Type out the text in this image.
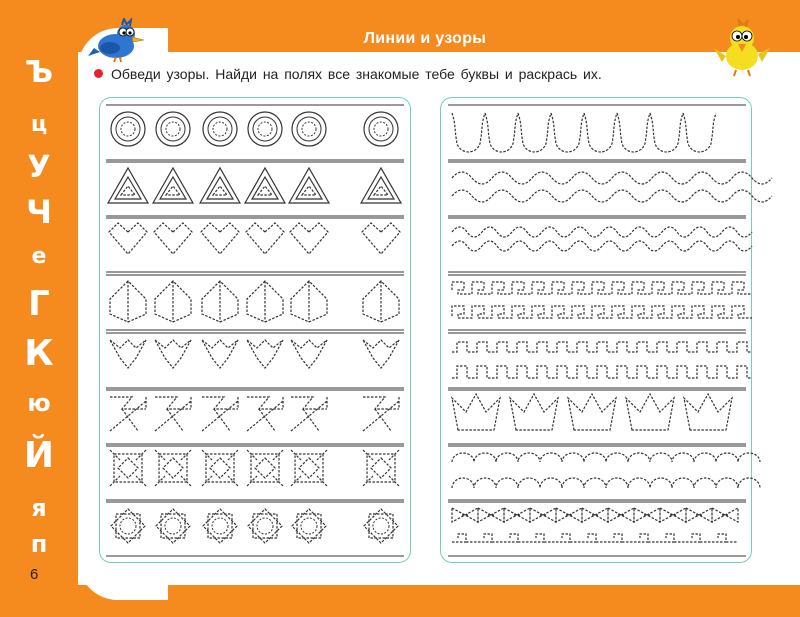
Ъ
ц
У
Ч
е
Г
К
ю
Й
я
п
6
Линии и узоры
Обведи узоры. Найди на полях все знакомые тебе буквы и раскрась их.
